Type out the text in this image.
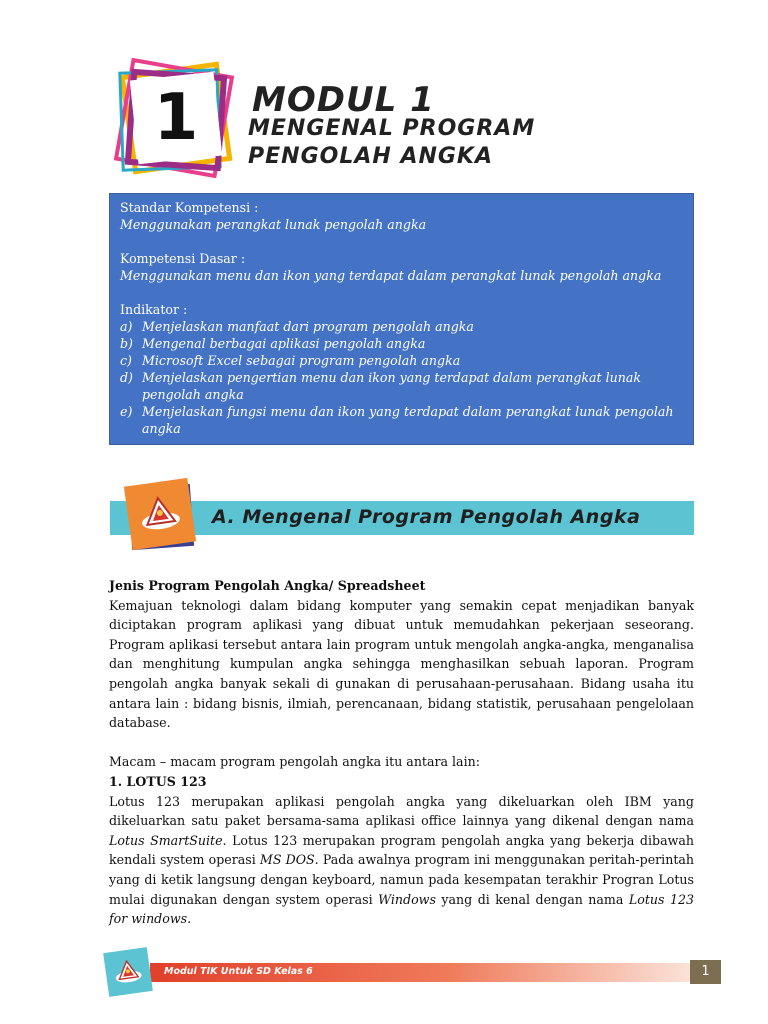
1 MODUL 1
MENGENAL PROGRAM
PENGOLAH ANGKA
Standar Kompetensi :
Menggunakan perangkat lunak pengolah angka
Kompetensi Dasar :
Menggunakan menu dan ikon yang terdapat dalam perangkat lunak pengolah angka
Indikator :
a) Menjelaskan manfaat dari program pengolah angka
b) Mengenal berbagai aplikasi pengolah angka
c) Microsoft Excel sebagai program pengolah angka
d) Menjelaskan pengertian menu dan ikon yang terdapat dalam perangkat lunak pengolah angka
e) Menjelaskan fungsi menu dan ikon yang terdapat dalam perangkat lunak pengolah angka
A. Mengenal Program Pengolah Angka

Jenis Program Pengolah Angka/ Spreadsheet

Kemajuan teknologi dalam bidang komputer yang semakin cepat menjadikan banyak diciptakan program aplikasi yang dibuat untuk memudahkan pekerjaan seseorang. Program aplikasi tersebut antara lain program untuk mengolah angka-angka, menganalisa dan menghitung kumpulan angka sehingga menghasilkan sebuah laporan. Program pengolah angka banyak sekali di gunakan di perusahaan-perusahaan. Bidang usaha itu antara lain : bidang bisnis, ilmiah, perencanaan, bidang statistik, perusahaan pengelolaan database.

Macam – macam program pengolah angka itu antara lain:

1. LOTUS 123

Lotus 123 merupakan aplikasi pengolah angka yang dikeluarkan oleh IBM yang dikeluarkan satu paket bersama-sama aplikasi office lainnya yang dikenal dengan nama Lotus SmartSuite. Lotus 123 merupakan program pengolah angka yang bekerja dibawah kendali system operasi MS DOS. Pada awalnya program ini menggunakan peritah-perintah yang di ketik langsung dengan keyboard, namun pada kesempatan terakhir Progran Lotus mulai digunakan dengan system operasi Windows yang di kenal dengan nama Lotus 123 for windows.

Modul TIK Untuk SD Kelas 6	1
